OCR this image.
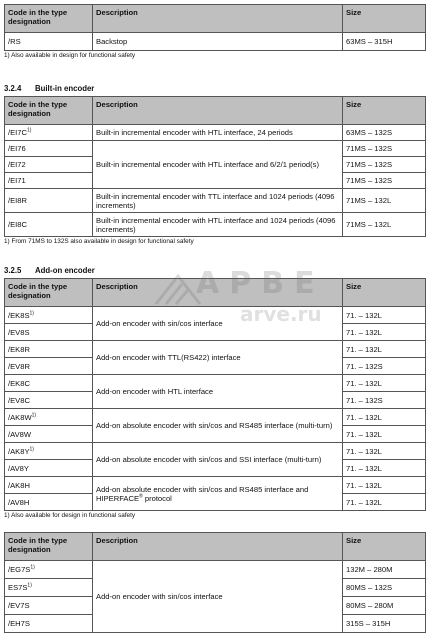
Code in the type designation	Description	Size
/RS	Backstop	63MS – 315H

1) Also available in design for functional safety

3.2.4 Built-in encoder
Code in the type designation	Description	Size
$/EI7C^{1)}$	Built-in incremental encoder with HTL interface, 24 periods	63MS – 132S
/EI76	Built-in incremental encoder with HTL interface and 6/2/1 period(s)	71MS – 132S
/EI72		71MS – 132S
/EI71		71MS – 132S
/EI8R	Built-in incremental encoder with TTL interface and 1024 periods (4096 increments)	71MS – 132L
/EI8C	Built-in incremental encoder with HTL interface and 1024 periods (4096 increments)	71MS – 132L

1) From 71MS to 132S also available in design for functional safety

3.2.5 Add-on encoder
Code in the type designation	Description	Size
$/EK8S^{1)}$	Add-on encoder with sin/cos interface	71. – 132L
/EV8S		71. – 132L
/EK8R	Add-on encoder with TTL(RS422) interface	71. – 132L
/EV8R		71. – 132S
/EK8C	Add-on encoder with HTL interface	71. – 132L
/EV8C		71. – 132S
$/AK8W^{1)}$	Add-on absolute encoder with sin/cos and RS485 interface (multi-turn)	71. – 132L
/AV8W		71. – 132L
$/AK8Y^{1)}$	Add-on absolute encoder with sin/cos and SSI interface (multi-turn)	71. – 132L
/AV8Y		71. – 132L
/AK8H	Add-on absolute encoder with sin/cos and RS485 interface and HIPERFACE® protocol	71. – 132L
/AV8H		71. – 132L

1) Also available for design in functional safety

Code in the type designation	Description	Size
$/EG7S^{1)}$	Add-on encoder with sin/cos interface	132M – 280M
$ES7S^{1)}$		80MS – 132S
/EV7S		80MS – 280M
/EH7S		315S – 315H
АРВЕ
arve.ru
